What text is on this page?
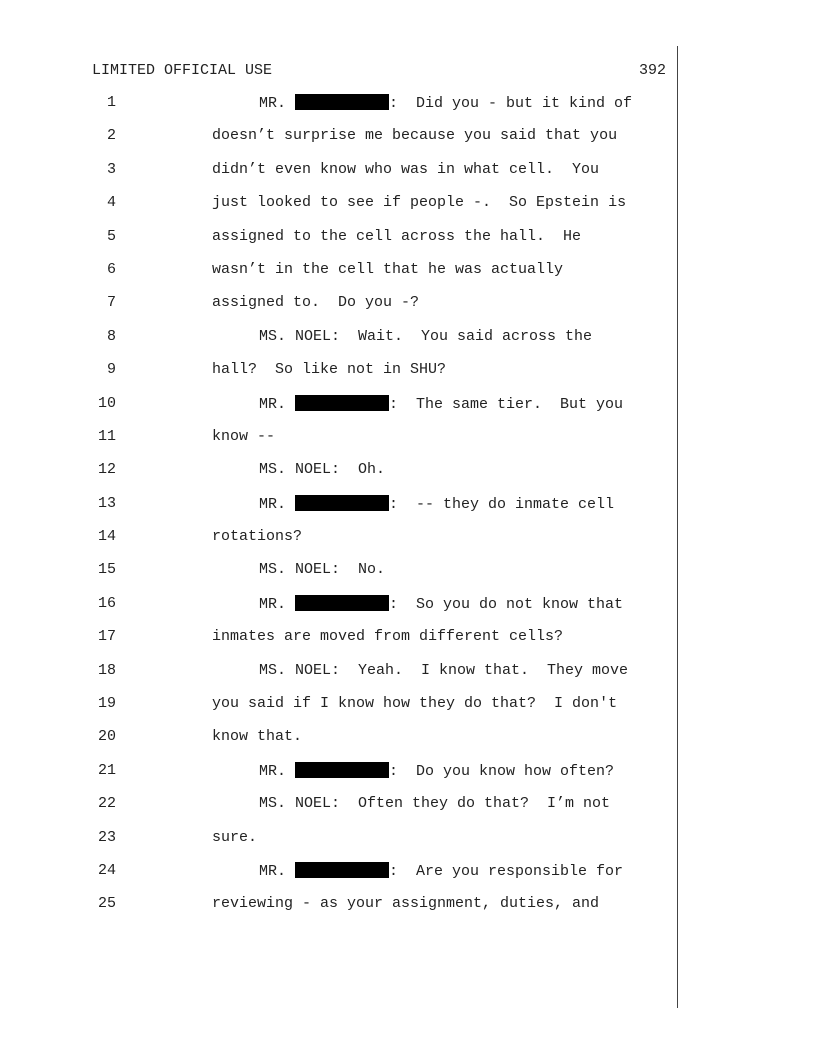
LIMITED OFFICIAL USE	392
1	MR.	:  Did you - but it kind of
2	doesn’t surprise me because you said that you
3	didn’t even know who was in what cell.  You
4	just looked to see if people -.  So Epstein is
5	assigned to the cell across the hall.  He
6	wasn’t in the cell that he was actually
7	assigned to.  Do you -?
8	MS. NOEL:  Wait.  You said across the
9	hall?  So like not in SHU?
10	MR.	:  The same tier.  But you
11	know --
12	MS. NOEL:  Oh.
13	MR.	:  -- they do inmate cell
14	rotations?
15	MS. NOEL:  No.
16	MR.	:  So you do not know that
17	inmates are moved from different cells?
18	MS. NOEL:  Yeah.  I know that.  They move
19	you said if I know how they do that?  I don't
20	know that.
21	MR.	:  Do you know how often?
22	MS. NOEL:  Often they do that?  I’m not
23	sure.
24	MR.	:  Are you responsible for
25	reviewing - as your assignment, duties, and
